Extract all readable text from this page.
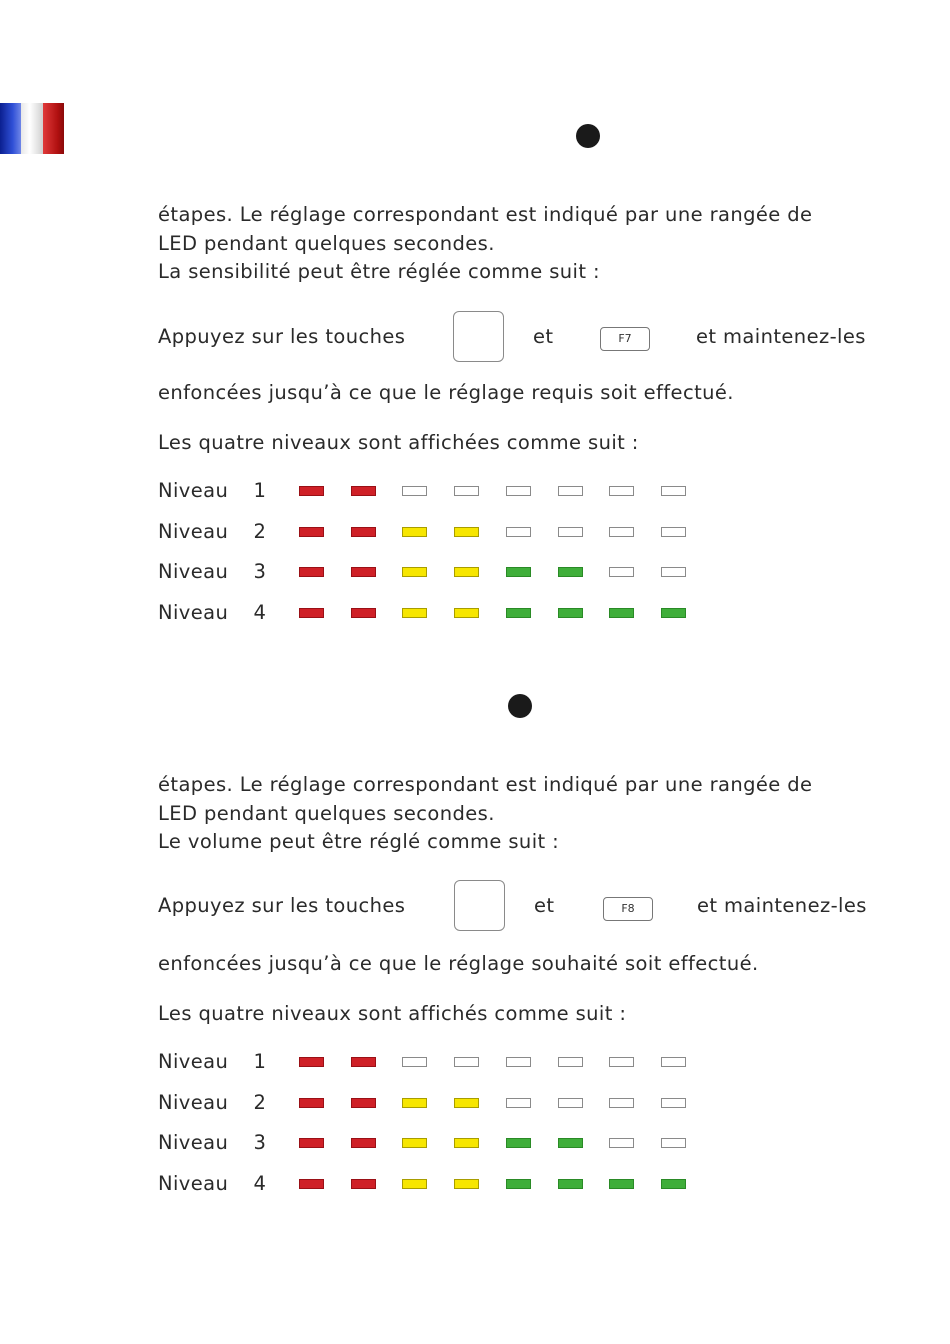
étapes. Le réglage correspondant est indiqué par une rangée de
LED pendant quelques secondes.
La sensibilité peut être réglée comme suit :
Appuyez sur les touches	et	F7	et maintenez-les
enfoncées jusqu’à ce que le réglage requis soit effectué.
Les quatre niveaux sont affichées comme suit :
Niveau  1
Niveau  2
Niveau  3
Niveau  4
étapes. Le réglage correspondant est indiqué par une rangée de
LED pendant quelques secondes.
Le volume peut être réglé comme suit :
Appuyez sur les touches	et	F8	et maintenez-les
enfoncées jusqu’à ce que le réglage souhaité soit effectué.
Les quatre niveaux sont affichés comme suit :
Niveau  1
Niveau  2
Niveau  3
Niveau  4
